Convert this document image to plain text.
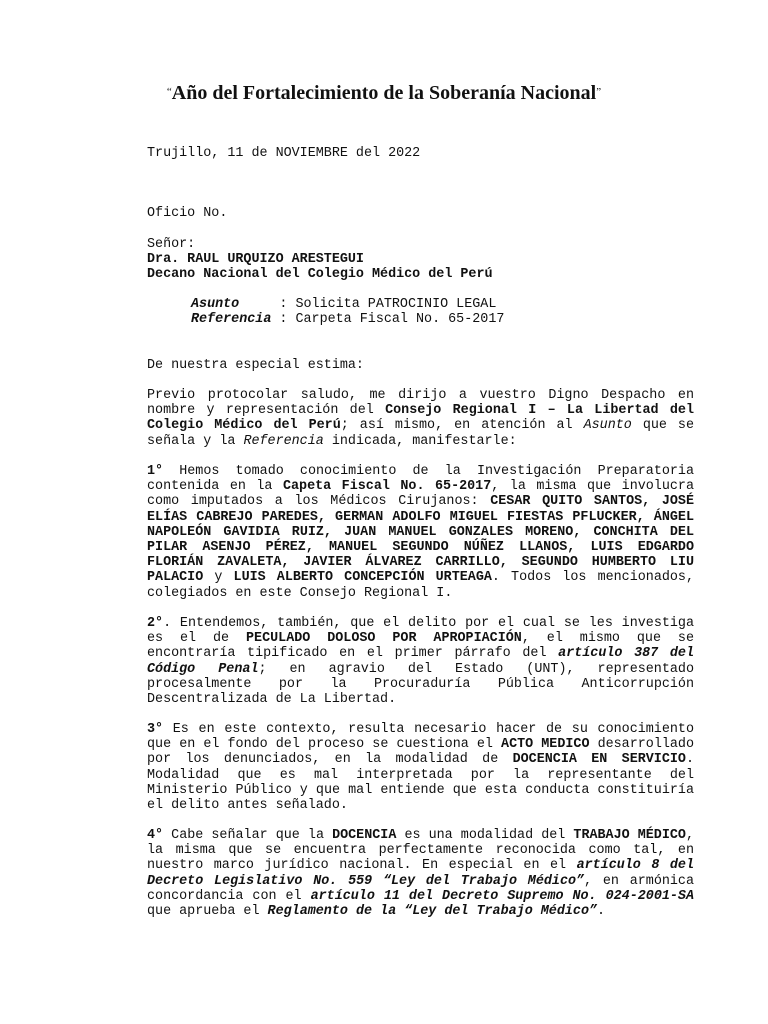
“Año del Fortalecimiento de la Soberanía Nacional”
Trujillo, 11 de NOVIEMBRE del 2022
Oficio No.

Señor:

Dra. RAUL URQUIZO ARESTEGUI

Decano Nacional del Colegio Médico del Perú

Asunto     : Solicita PATROCINIO LEGAL

Referencia : Carpeta Fiscal No. 65-2017

De nuestra especial estima:

Previo protocolar saludo, me dirijo a vuestro Digno Despacho en nombre y representación del Consejo Regional I – La Libertad del Colegio Médico del Perú; así mismo, en atención al Asunto que se señala y la Referencia indicada, manifestarle:

1° Hemos tomado conocimiento de la Investigación Preparatoria contenida en la Capeta Fiscal No. 65-2017, la misma que involucra como imputados a los Médicos Cirujanos: CESAR QUITO SANTOS, JOSÉ ELÍAS CABREJO PAREDES, GERMAN ADOLFO MIGUEL FIESTAS PFLUCKER, ÁNGEL NAPOLEÓN GAVIDIA RUIZ, JUAN MANUEL GONZALES MORENO, CONCHITA DEL PILAR ASENJO PÉREZ, MANUEL SEGUNDO NÚÑEZ LLANOS, LUIS EDGARDO FLORIÁN ZAVALETA, JAVIER ÁLVAREZ CARRILLO, SEGUNDO HUMBERTO LIU PALACIO y LUIS ALBERTO CONCEPCIÓN URTEAGA. Todos los mencionados, colegiados en este Consejo Regional I.

2°. Entendemos, también, que el delito por el cual se les investiga es el de PECULADO DOLOSO POR APROPIACIÓN, el mismo que se encontraría tipificado en el primer párrafo del artículo 387 del Código Penal; en agravio del Estado (UNT), representado procesalmente por la Procuraduría Pública Anticorrupción Descentralizada de La Libertad.

3° Es en este contexto, resulta necesario hacer de su conocimiento que en el fondo del proceso se cuestiona el ACTO MEDICO desarrollado por los denunciados, en la modalidad de DOCENCIA EN SERVICIO. Modalidad que es mal interpretada por la representante del Ministerio Público y que mal entiende que esta conducta constituiría el delito antes señalado.

4° Cabe señalar que la DOCENCIA es una modalidad del TRABAJO MÉDICO, la misma que se encuentra perfectamente reconocida como tal, en nuestro marco jurídico nacional. En especial en el artículo 8 del Decreto Legislativo No. 559 “Ley del Trabajo Médico”, en armónica concordancia con el artículo 11 del Decreto Supremo No. 024-2001-SA que aprueba el Reglamento de la “Ley del Trabajo Médico”.
